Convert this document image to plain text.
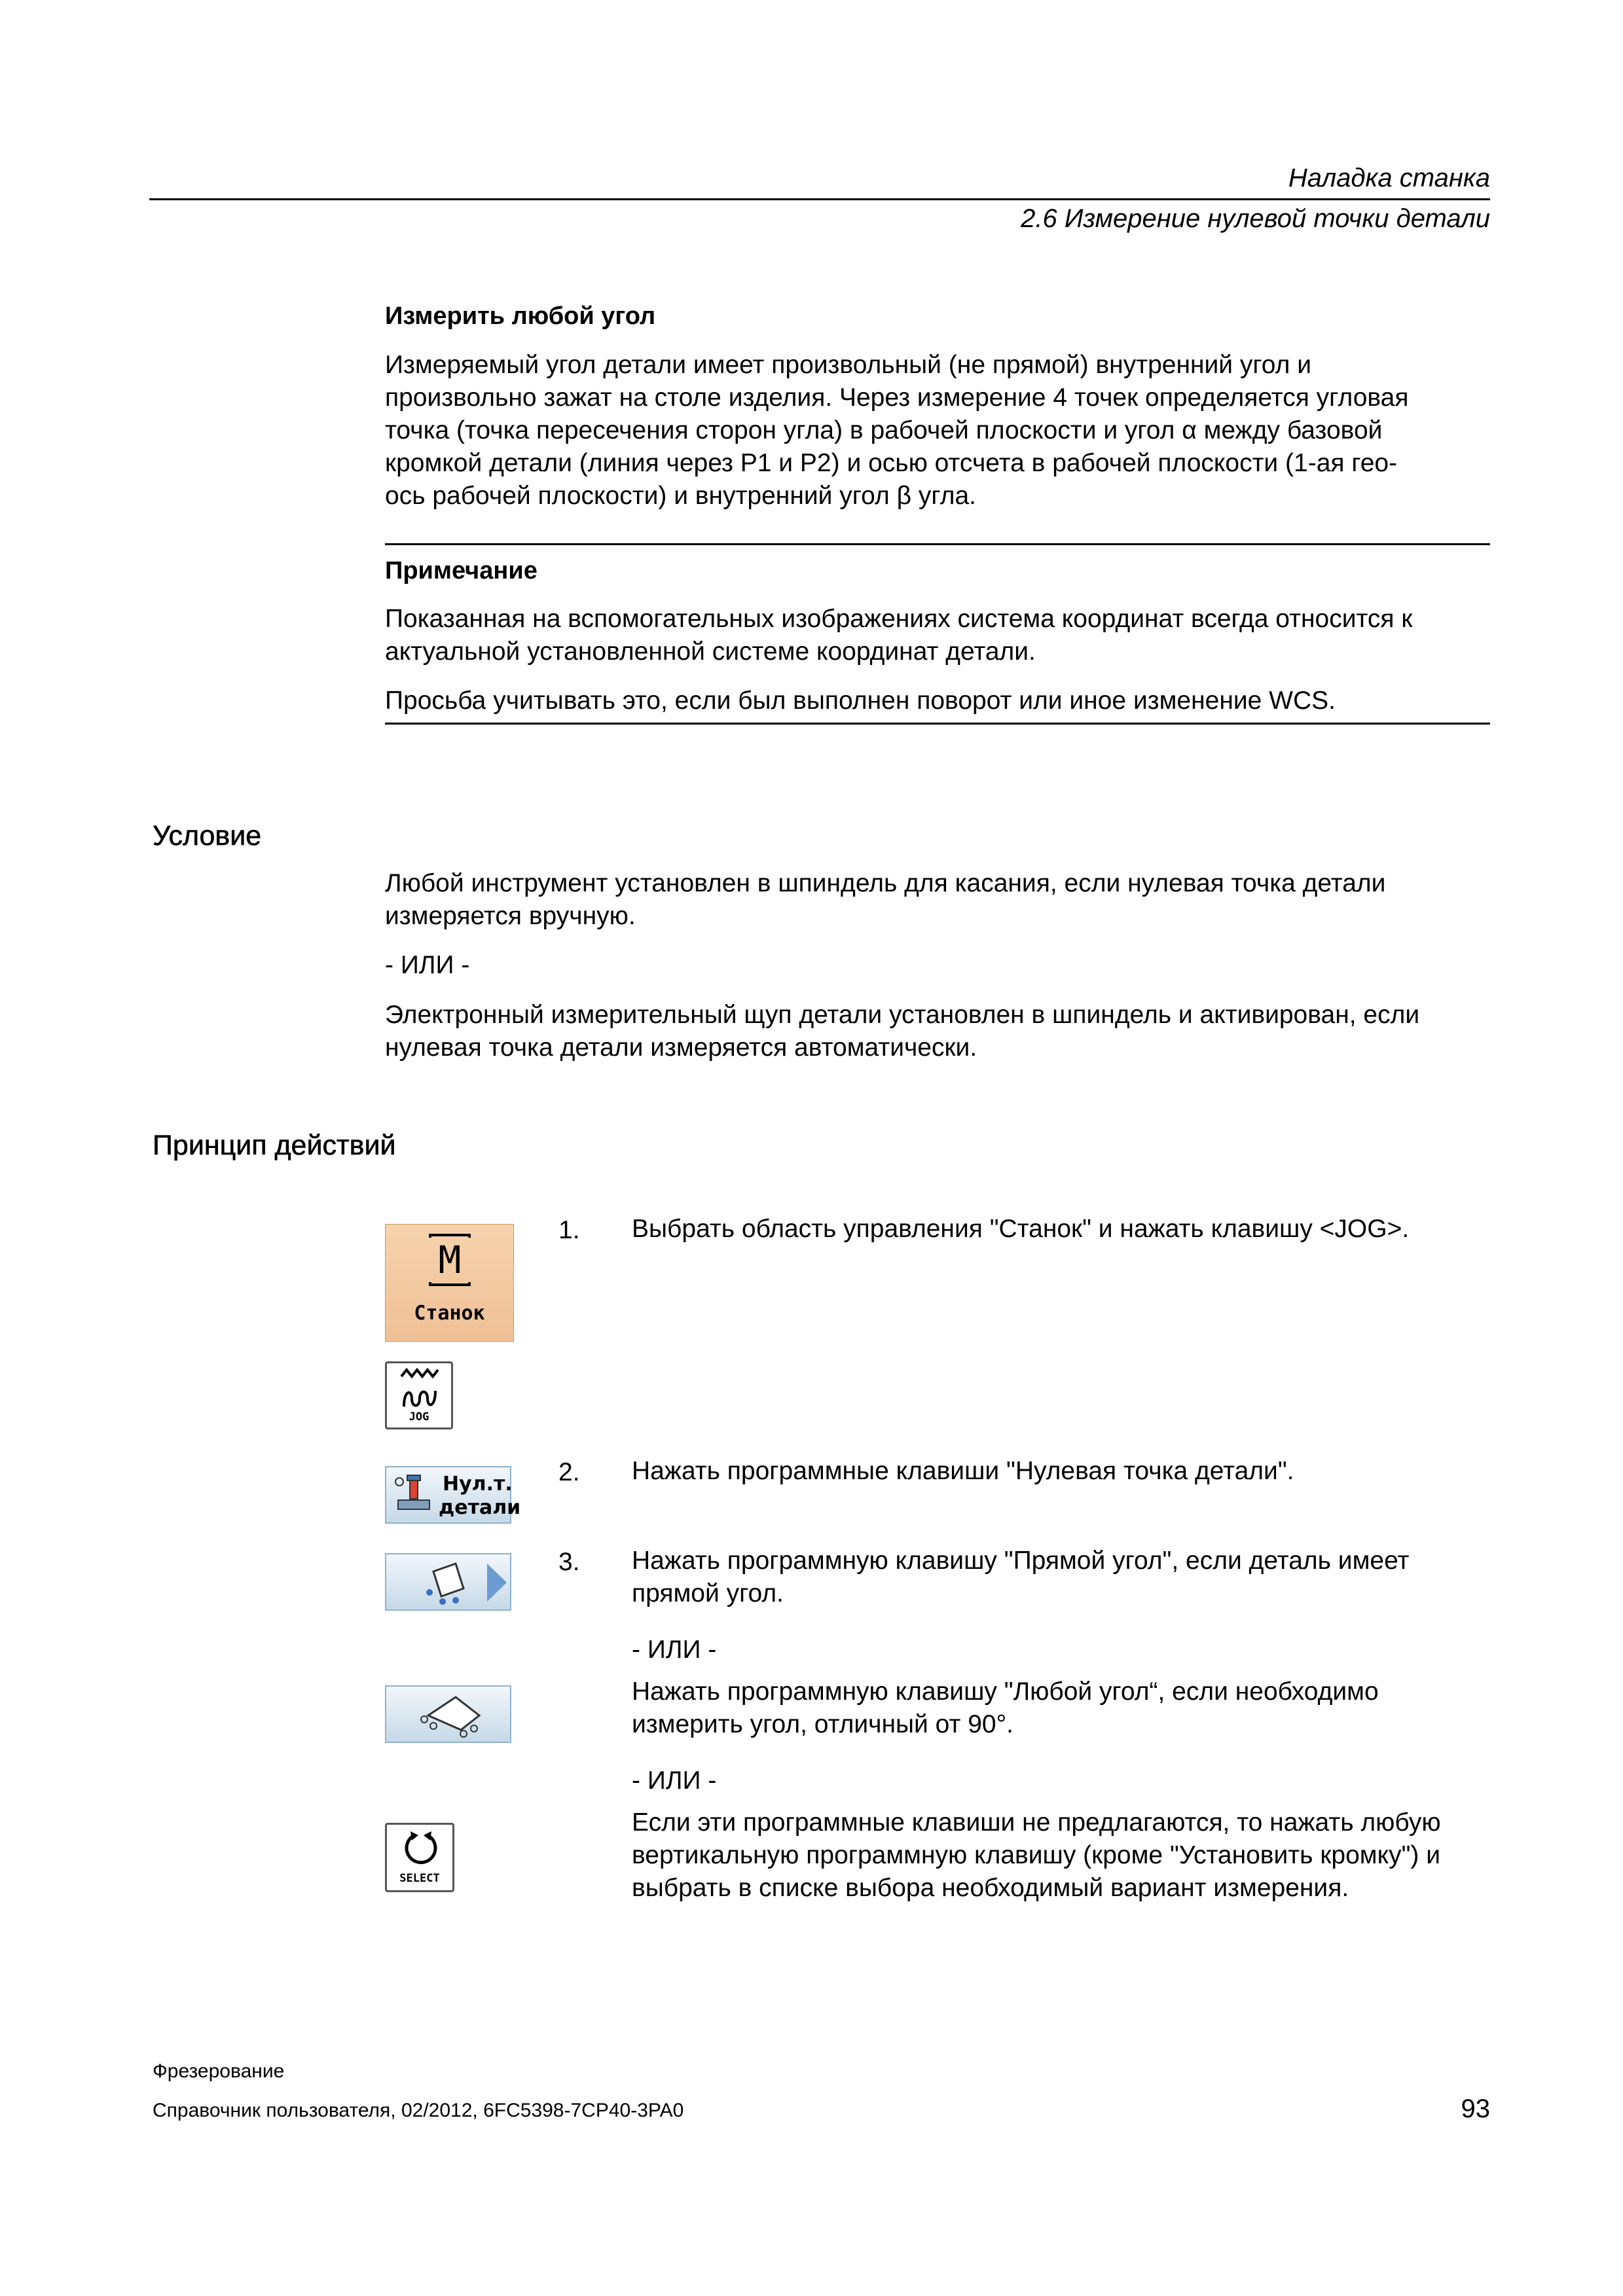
Наладка станка
2.6 Измерение нулевой точки детали
Измерить любой угол
Измеряемый угол детали имеет произвольный (не прямой) внутренний угол и
произвольно зажат на столе изделия. Через измерение 4 точек определяется угловая
точка (точка пересечения сторон угла) в рабочей плоскости и угол α между базовой
кромкой детали (линия через P1 и P2) и осью отсчета в рабочей плоскости (1-ая гео-
ось рабочей плоскости) и внутренний угол β угла.
Примечание
Показанная на вспомогательных изображениях система координат всегда относится к
актуальной установленной системе координат детали.
Просьба учитывать это, если был выполнен поворот или иное изменение WCS.
Условие
Любой инструмент установлен в шпиндель для касания, если нулевая точка детали
измеряется вручную.
- ИЛИ -
Электронный измерительный щуп детали установлен в шпиндель и активирован, если
нулевая точка детали измеряется автоматически.
Принцип действий
M
Станок
JOG
Нул.т.
детали
SELECT
1. Выбрать область управления "Станок" и нажать клавишу <JOG>.
2. Нажать программные клавиши "Нулевая точка детали".
3. Нажать программную клавишу "Прямой угол", если деталь имеет
прямой угол.
- ИЛИ -
Нажать программную клавишу "Любой угол“, если необходимо
измерить угол, отличный от 90°.
- ИЛИ -
Если эти программные клавиши не предлагаются, то нажать любую
вертикальную программную клавишу (кроме "Установить кромку") и
выбрать в списке выбора необходимый вариант измерения.
Фрезерование
Справочник пользователя, 02/2012, 6FC5398-7CP40-3PA0	93
